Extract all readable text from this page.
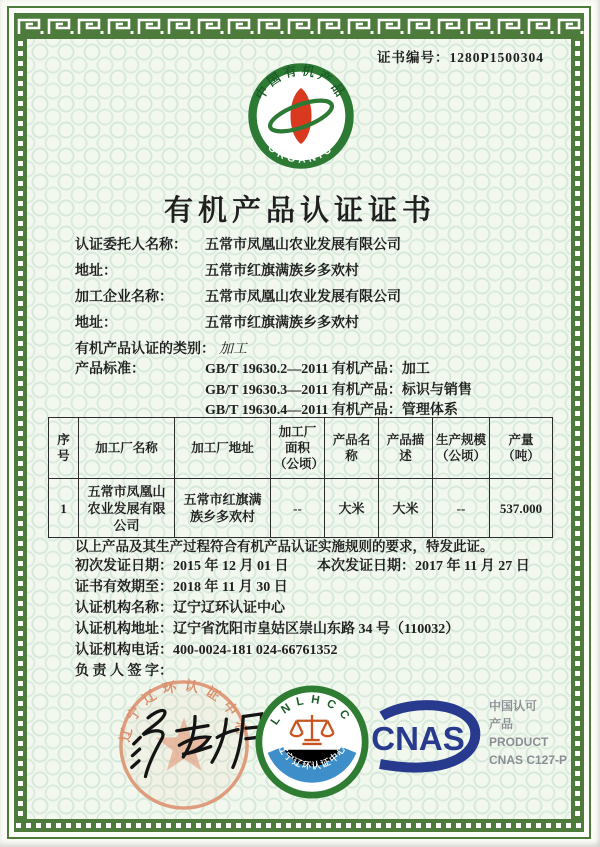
证书编号：1280P1500304
中国有机产品
ORGANIC
有机产品认证证书
认证委托人名称：	五常市凤凰山农业发展有限公司
地址：	五常市红旗满族乡多欢村
加工企业名称：	五常市凤凰山农业发展有限公司
地址：	五常市红旗满族乡多欢村
有机产品认证的类别： 加工
产品标准：	GB/T 19630.2—2011 有机产品：加工
GB/T 19630.3—2011 有机产品：标识与销售
GB/T 19630.4—2011 有机产品：管理体系
序号	加工厂名称	加工厂地址	加工厂面积（公顷）	产品名称	产品描述	生产规模（公顷）	产量（吨）
1	五常市凤凰山农业发展有限公司	五常市红旗满族乡多欢村	--	大米	大米	--	537.000
以上产品及其生产过程符合有机产品认证实施规则的要求，特发此证。
初次发证日期：2015 年 12 月 01 日 本次发证日期：2017 年 11 月 27 日
证书有效期至：2018 年 11 月 30 日
认证机构名称：辽宁辽环认证中心
认证机构地址：辽宁省沈阳市皇姑区崇山东路 34 号（110032）
认证机构电话：400-0024-181 024-66761352
负 责 人 签 字：
辽宁辽环认证中心
LNLHCC
辽宁辽环认证中心 CNAS
中国认可
产品
PRODUCT
CNAS C127-P
